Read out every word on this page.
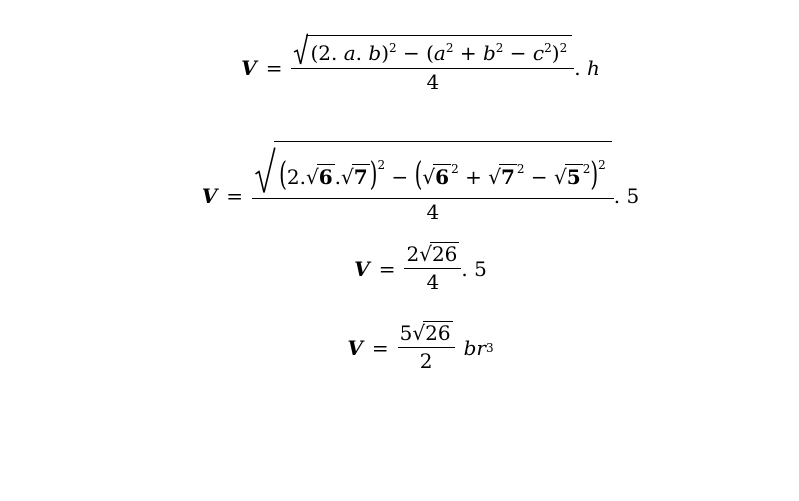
$V = \frac{(2. a. b)^2 - (a^2 + b^2 - c^2)^2}{4}$ . h
$V = \frac{(2.√6 .√7 )^2 - (√6 ^2 + √7 ^2 - √5 ^2)^2}{4}$ . 5
$V = \frac{2 √ 26}{4}$ . 5
$V = \frac{5 √ 26}{2}$ br 3
